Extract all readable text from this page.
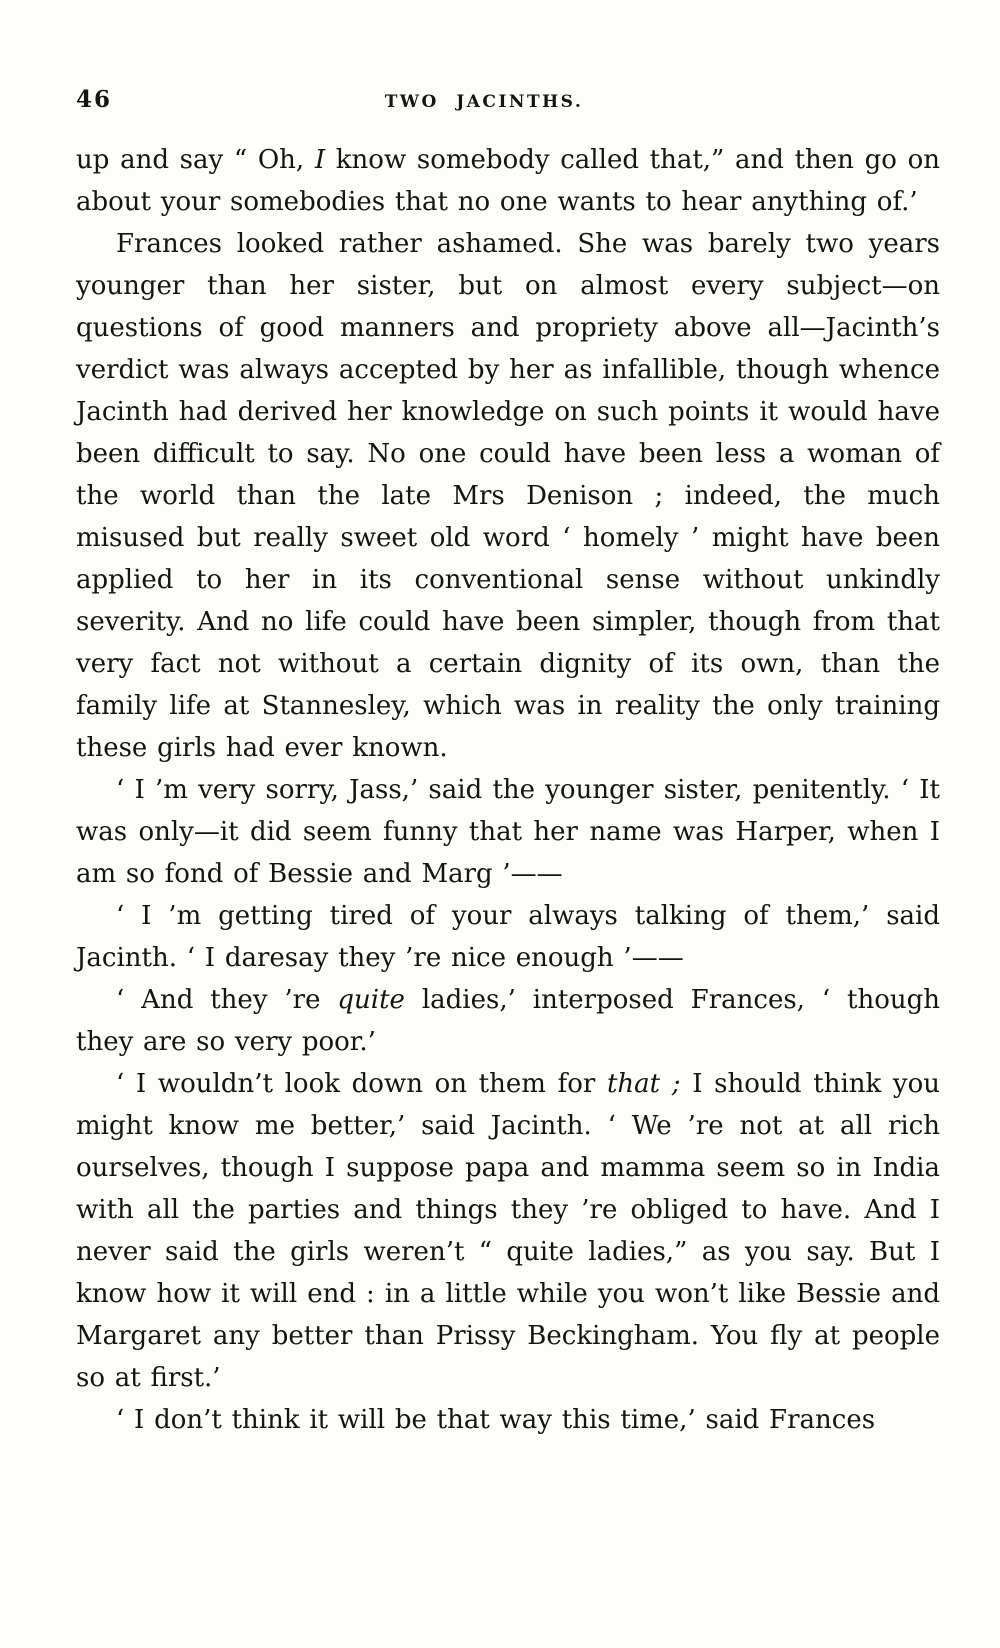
46	TWO JACINTHS.

up and say “ Oh, I know somebody called that,” and then go on about your somebodies that no one wants to hear anything of.’

Frances looked rather ashamed. She was barely two years younger than her sister, but on almost every subject—on questions of good manners and propriety above all—Jacinth’s verdict was always accepted by her as infallible, though whence Jacinth had derived her knowledge on such points it would have been difficult to say. No one could have been less a woman of the world than the late Mrs Denison ; indeed, the much misused but really sweet old word ‘ homely ’ might have been applied to her in its conventional sense without unkindly severity. And no life could have been simpler, though from that very fact not without a certain dignity of its own, than the family life at Stannesley, which was in reality the only training these girls had ever known.

‘ I ’m very sorry, Jass,’ said the younger sister, penitently. ‘ It was only—it did seem funny that her name was Harper, when I am so fond of Bessie and Marg ’——

‘ I ’m getting tired of your always talking of them,’ said Jacinth. ‘ I daresay they ’re nice enough ’——

‘ And they ’re quite ladies,’ interposed Frances, ‘ though they are so very poor.’

‘ I wouldn’t look down on them for that ; I should think you might know me better,’ said Jacinth. ‘ We ’re not at all rich ourselves, though I suppose papa and mamma seem so in India with all the parties and things they ’re obliged to have. And I never said the girls weren’t “ quite ladies,” as you say. But I know how it will end : in a little while you won’t like Bessie and Margaret any better than Prissy Beckingham. You fly at people so at first.’

‘ I don’t think it will be that way this time,’ said Frances
